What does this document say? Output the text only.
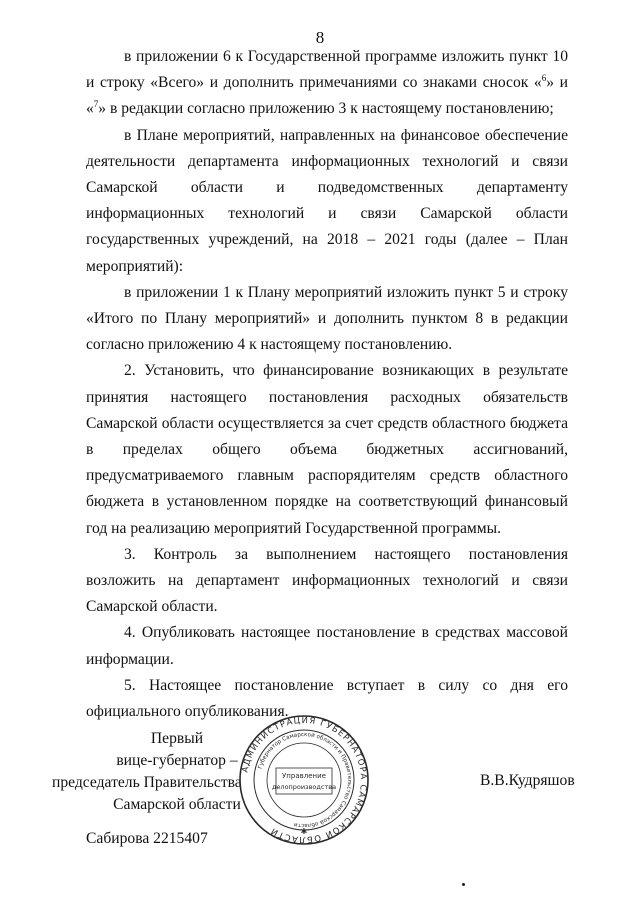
8

в приложении 6 к Государственной программе изложить пункт 10 и строку «Всего» и дополнить примечаниями со знаками сносок «$^6$» и «$^7$» в редакции согласно приложению 3 к настоящему постановлению;

в Плане мероприятий, направленных на финансовое обеспечение деятельности департамента информационных технологий и связи Самарской области и подведомственных департаменту информационных технологий и связи Самарской области государственных учреждений, на 2018 – 2021 годы (далее – План мероприятий):

в приложении 1 к Плану мероприятий изложить пункт 5 и строку «Итого по Плану мероприятий» и дополнить пунктом 8 в редакции согласно приложению 4 к настоящему постановлению.

2. Установить, что финансирование возникающих в результате принятия настоящего постановления расходных обязательств Самарской области осуществляется за счет средств областного бюджета в пределах общего объема бюджетных ассигнований, предусматриваемого главным распорядителям средств областного бюджета в установленном порядке на соответствующий финансовый год на реализацию мероприятий Государственной программы.

3. Контроль за выполнением настоящего постановления возложить на департамент информационных технологий и связи Самарской области.

4. Опубликовать настоящее постановление в средствах массовой информации.

5. Настоящее постановление вступает в силу со дня его официального опубликования.

Первый
вице-губернатор –
председатель Правительства
Самарской области
АДМИНИСТРАЦИЯ ГУБЕРНАТОРА САМАРСКОЙ ОБЛАСТИ
Губернатор Самарской области и Правительство Самарской области
Управление
делопроизводства
✱
В.В.Кудряшов
Сабирова 2215407
